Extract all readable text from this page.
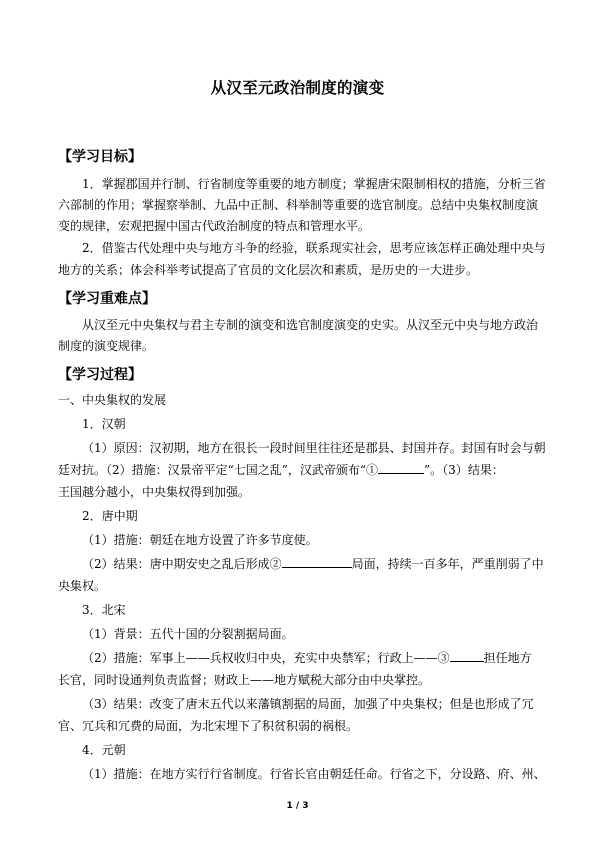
从汉至元政治制度的演变
【学习目标】
1．掌握郡国并行制、行省制度等重要的地方制度；掌握唐宋限制相权的措施，分析三省
六部制的作用；掌握察举制、九品中正制、科举制等重要的选官制度。总结中央集权制度演
变的规律，宏观把握中国古代政治制度的特点和管理水平。
2．借鉴古代处理中央与地方斗争的经验，联系现实社会，思考应该怎样正确处理中央与
地方的关系；体会科举考试提高了官员的文化层次和素质，是历史的一大进步。
【学习重难点】
从汉至元中央集权与君主专制的演变和选官制度演变的史实。从汉至元中央与地方政治
制度的演变规律。
【学习过程】
一、中央集权的发展
1．汉朝
（1）原因：汉初期，地方在很长一段时间里往往还是郡县、封国并存。封国有时会与朝
廷对抗。（2）措施：汉景帝平定“七国之乱”，汉武帝颁布“①	”。（3）结果：
王国越分越小，中央集权得到加强。
2．唐中期
（1）措施：朝廷在地方设置了许多节度使。
（2）结果：唐中期安史之乱后形成②	局面，持续一百多年，严重削弱了中
央集权。
3．北宋
（1）背景：五代十国的分裂割据局面。
（2）措施：军事上——兵权收归中央，充实中央禁军；行政上——③	担任地方
长官，同时设通判负责监督；财政上——地方赋税大部分由中央掌控。
（3）结果：改变了唐末五代以来藩镇割据的局面，加强了中央集权；但是也形成了冗
官、冗兵和冗费的局面，为北宋埋下了积贫积弱的祸根。
4．元朝
（1）措施：在地方实行行省制度。行省长官由朝廷任命。行省之下，分设路、府、州、
1 / 3
